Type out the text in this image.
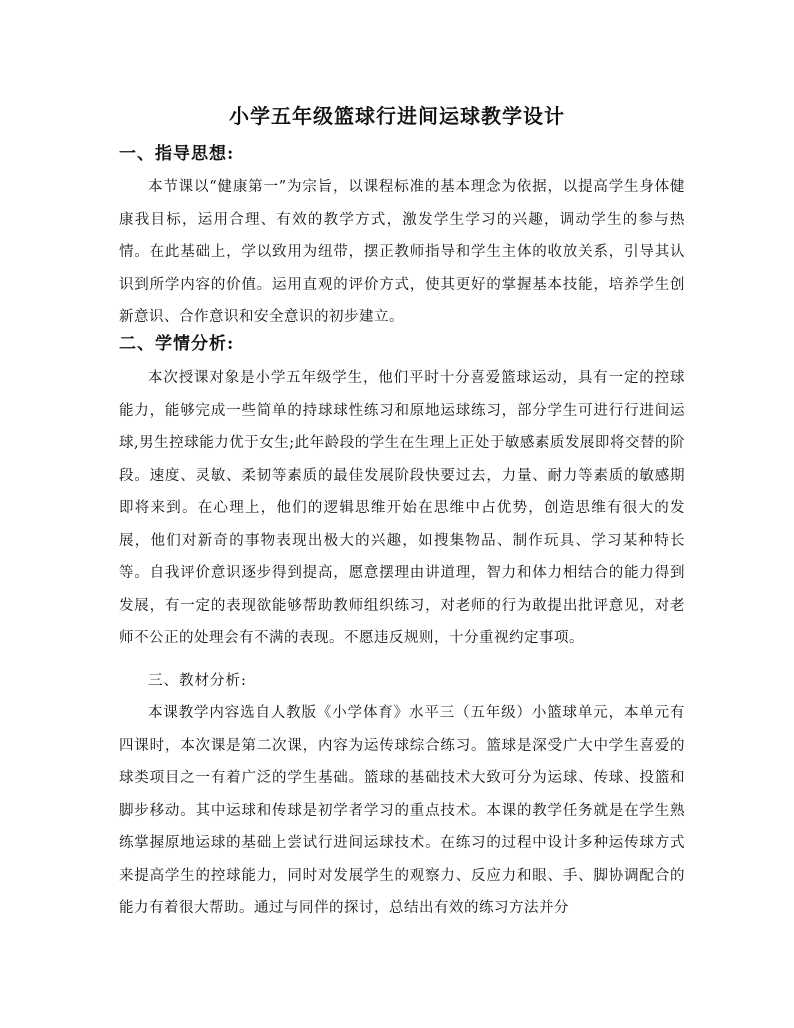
小学五年级篮球行进间运球教学设计
一、指导思想:
本节课以“健康第一”为宗旨，以课程标准的基本理念为依据，以提高学生身体健康我目标，运用合理、有效的教学方式，激发学生学习的兴趣，调动学生的参与热情。在此基础上，学以致用为纽带，摆正教师指导和学生主体的收放关系，引导其认识到所学内容的价值。运用直观的评价方式，使其更好的掌握基本技能，培养学生创新意识、合作意识和安全意识的初步建立。
二、学情分析:
本次授课对象是小学五年级学生，他们平时十分喜爱篮球运动，具有一定的控球能力，能够完成一些简单的持球球性练习和原地运球练习，部分学生可进行行进间运球,男生控球能力优于女生;此年龄段的学生在生理上正处于敏感素质发展即将交替的阶段。速度、灵敏、柔韧等素质的最佳发展阶段快要过去，力量、耐力等素质的敏感期即将来到。在心理上，他们的逻辑思维开始在思维中占优势，创造思维有很大的发展，他们对新奇的事物表现出极大的兴趣，如搜集物品、制作玩具、学习某种特长等。自我评价意识逐步得到提高，愿意摆理由讲道理，智力和体力相结合的能力得到发展，有一定的表现欲能够帮助教师组织练习，对老师的行为敢提出批评意见，对老师不公正的处理会有不满的表现。不愿违反规则，十分重视约定事项。
三、教材分析:
本课教学内容选自人教版《小学体育》水平三（五年级）小篮球单元，本单元有四课时，本次课是第二次课，内容为运传球综合练习。篮球是深受广大中学生喜爱的球类项目之一有着广泛的学生基础。篮球的基础技术大致可分为运球、传球、投篮和脚步移动。其中运球和传球是初学者学习的重点技术。本课的教学任务就是在学生熟练掌握原地运球的基础上尝试行进间运球技术。在练习的过程中设计多种运传球方式来提高学生的控球能力，同时对发展学生的观察力、反应力和眼、手、脚协调配合的能力有着很大帮助。通过与同伴的探讨，总结出有效的练习方法并分
